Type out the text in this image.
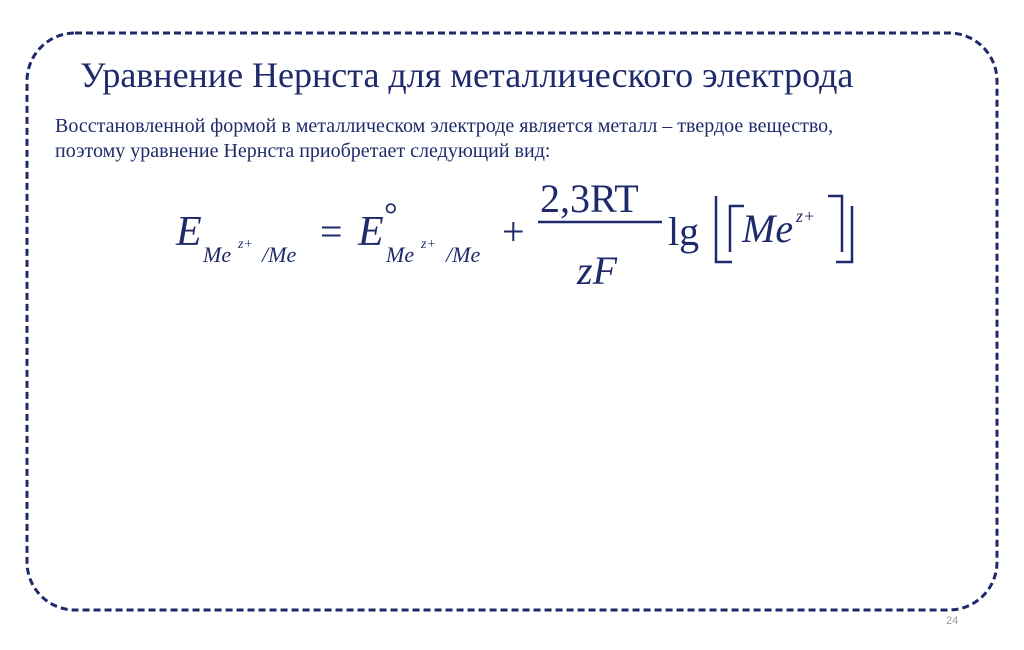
Уравнение Нернста для металлического электрода
Восстановленной формой в металлическом электроде является металл – твердое вещество,
поэтому уравнение Нернста приобретает следующий вид:
E Me z+ /Me
= E °
Me z+ /Me
+
2,3RT
zF
lg Me z+
24
